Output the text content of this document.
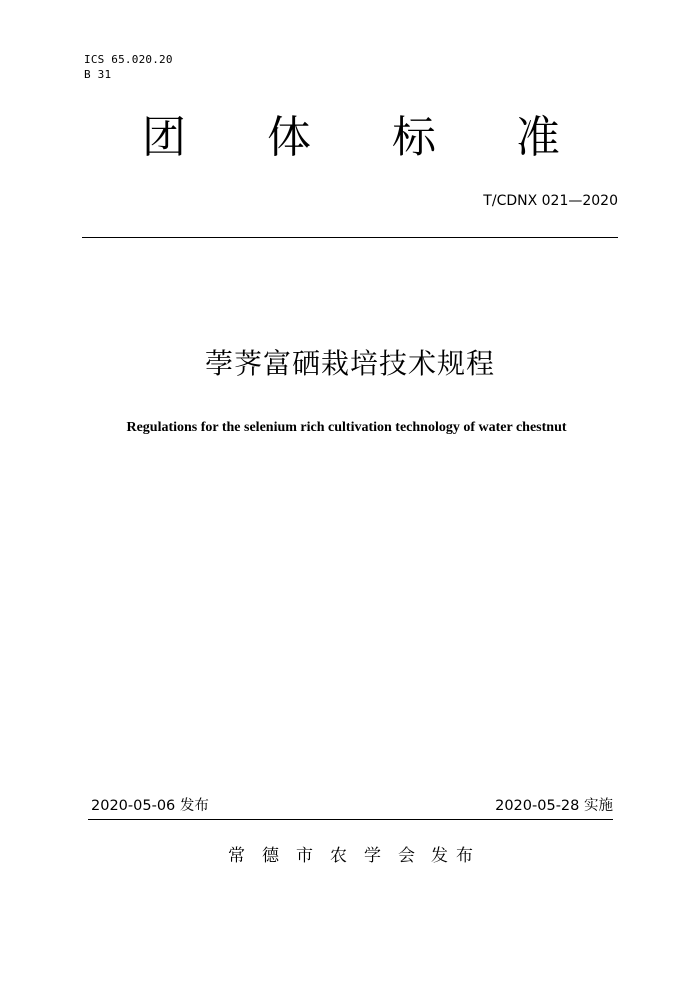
ICS 65.020.20
B 31
团 体 标 准
T/CDNX 021—2020
荸荠富硒栽培技术规程
Regulations for the selenium rich cultivation technology of water chestnut
2020-05-06 发布	2020-05-28 实施
常德市农学会 发布
